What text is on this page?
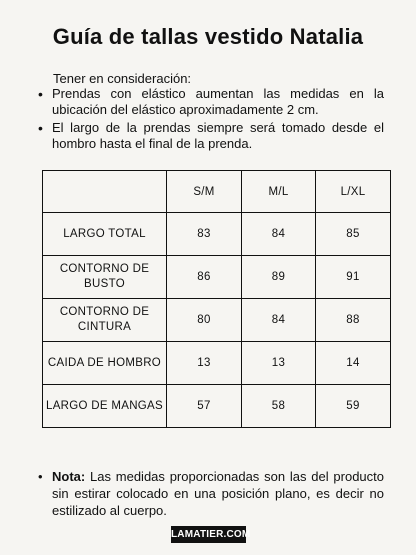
Guía de tallas vestido Natalia
Tener en consideración:
• Prendas con elástico aumentan las medidas en la ubicación del elástico aproximadamente 2 cm.
• El largo de la prendas siempre será tomado desde el hombro hasta el final de la prenda.
	S/M	M/L	L/XL
LARGO TOTAL	83	84	85

CONTORNO DE
BUSTO	86	89	91

CONTORNO DE
CINTURA	80	84	88
CAIDA DE HOMBRO	13	13	14
LARGO DE MANGAS	57	58	59
• Nota: Las medidas proporcionadas son las del producto sin estirar colocado en una posición plano, es decir no estilizado al cuerpo.
LAMATIER.COM
